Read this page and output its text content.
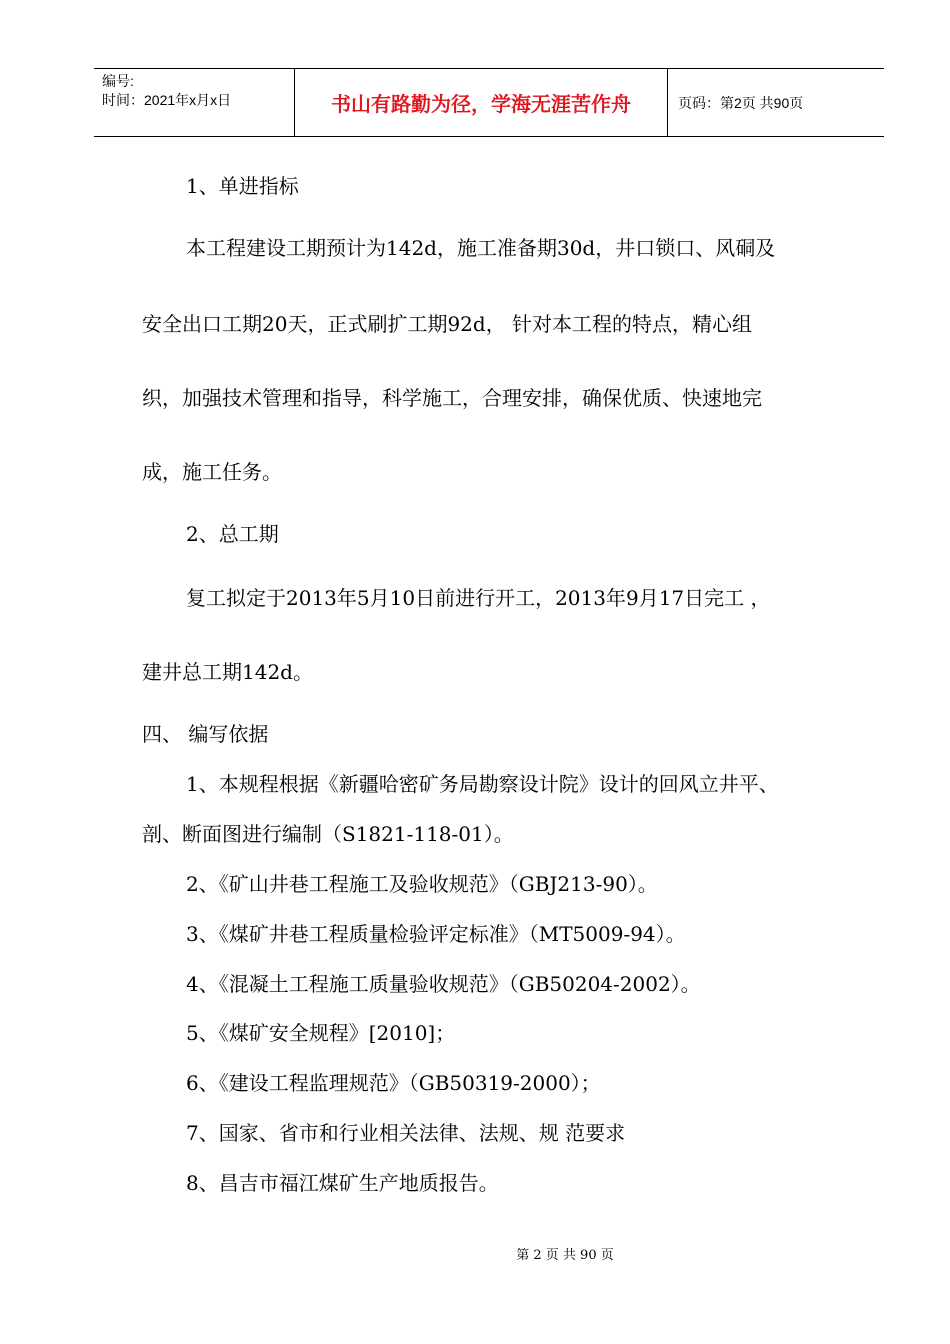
编号:
时间：2021年x月x日	书山有路勤为径，学海无涯苦作舟	页码：第2页 共90页
1、单进指标
本工程建设工期预计为142d，施工准备期30d，井口锁口、风硐及
安全出口工期20天，正式刷扩工期92d， 针对本工程的特点，精心组
织，加强技术管理和指导，科学施工，合理安排，确保优质、快速地完
成，施工任务。
2、总工期
复工拟定于2013年5月10日前进行开工，2013年9月17日完工 ，
建井总工期142d。
四、 编写依据
1、本规程根据《新疆哈密矿务局勘察设计院》设计的回风立井平、
剖、断面图进行编制（S1821-118-01）。
2、《矿山井巷工程施工及验收规范》（GBJ213-90）。
3、《煤矿井巷工程质量检验评定标准》（MT5009-94）。
4、《混凝土工程施工质量验收规范》（GB50204-2002）。
5、《煤矿安全规程》[2010]；
6、《建设工程监理规范》（GB50319-2000）；
7、国家、省市和行业相关法律、法规、规 范要求
8、昌吉市福江煤矿生产地质报告。
第 2 页 共 90 页
